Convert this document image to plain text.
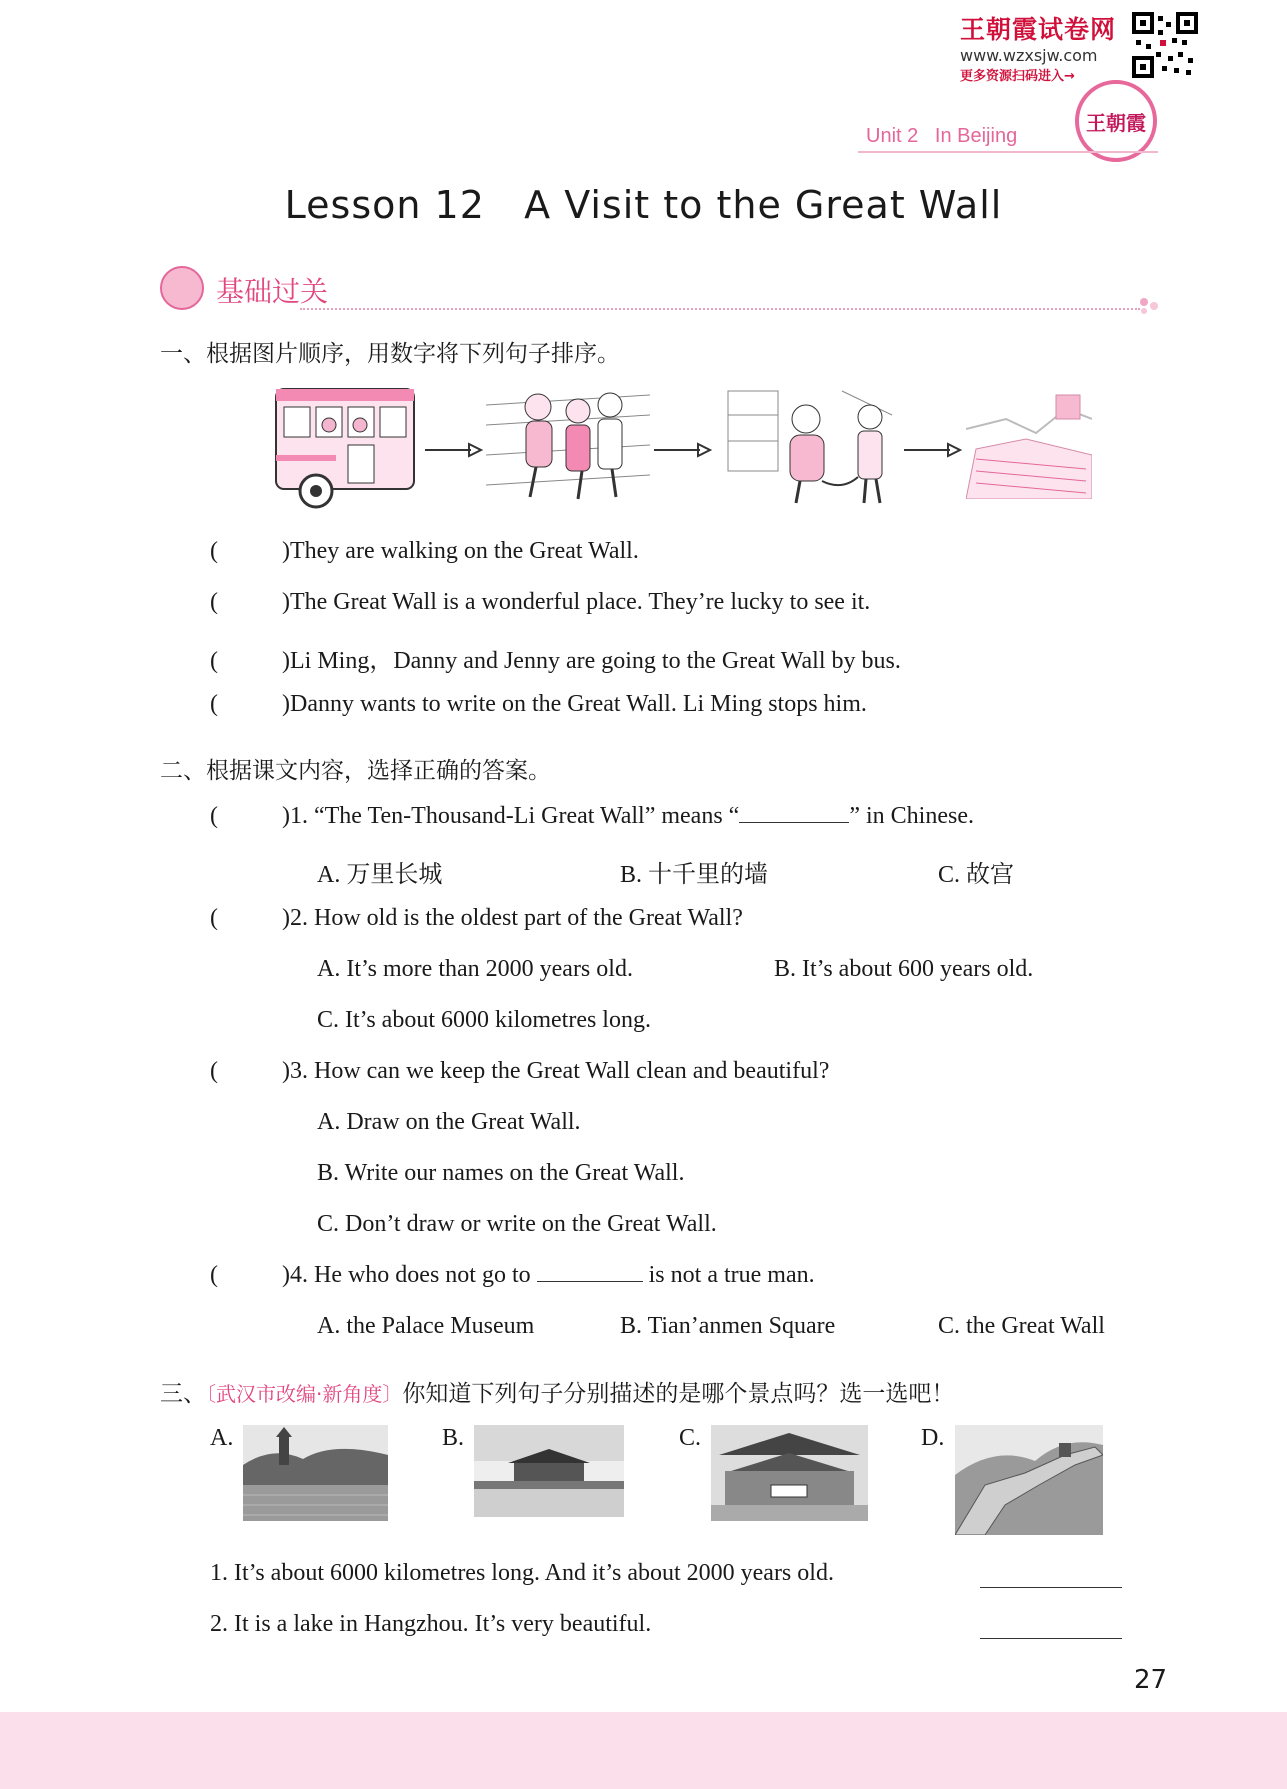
王朝霞试卷网
www.wzxsjw.com
更多资源扫码进入→
王朝霞
Unit 2   In Beijing
Lesson 12   A Visit to the Great Wall
基础过关
一、根据图片顺序，用数字将下列句子排序。
(	)They are walking on the Great Wall.
(	)The Great Wall is a wonderful place. They’re lucky to see it.
(	)Li Ming，Danny and Jenny are going to the Great Wall by bus.
(	)Danny wants to write on the Great Wall. Li Ming stops him.
二、根据课文内容，选择正确的答案。
(	)1. “The Ten-Thousand-Li Great Wall” means “	” in Chinese.
A. 万里长城	B. 十千里的墙	C. 故宫
(	)2. How old is the oldest part of the Great Wall?
A. It’s more than 2000 years old.	B. It’s about 600 years old.
C. It’s about 6000 kilometres long.
(	)3. How can we keep the Great Wall clean and beautiful?
A. Draw on the Great Wall.
B. Write our names on the Great Wall.
C. Don’t draw or write on the Great Wall.
(	)4. He who does not go to	is not a true man.
A. the Palace Museum	B. Tian’anmen Square	C. the Great Wall
三、〔武汉市改编·新角度〕你知道下列句子分别描述的是哪个景点吗？选一选吧！
A.	B.	C.	D.
1. It’s about 6000 kilometres long. And it’s about 2000 years old.
2. It is a lake in Hangzhou. It’s very beautiful.
27
